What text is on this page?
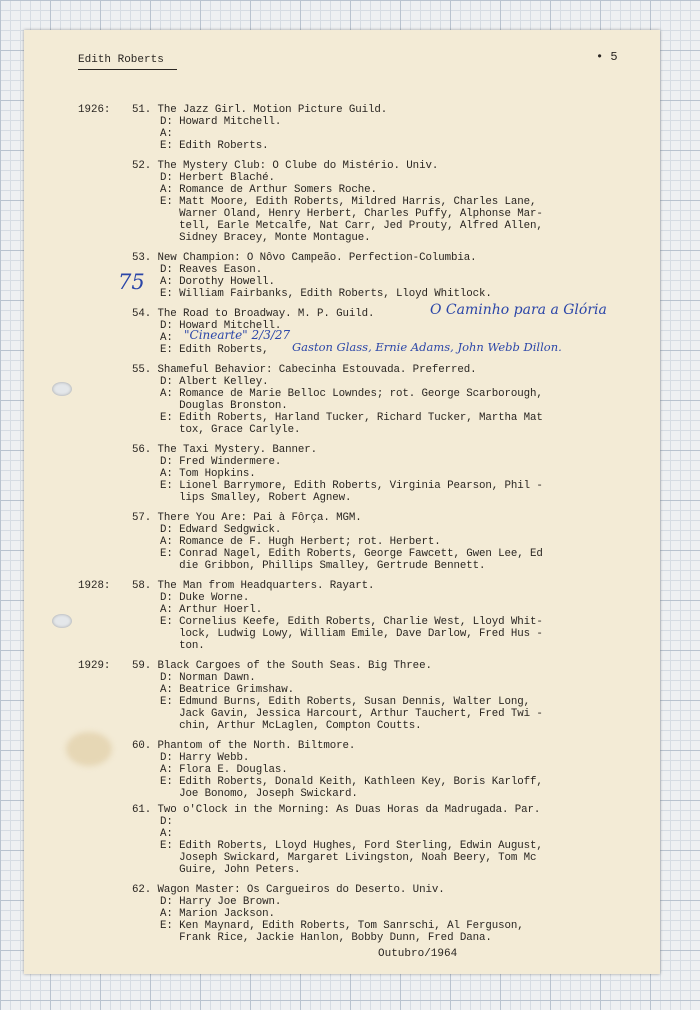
Edith Roberts	• 5
51. The Jazz Girl. Motion Picture Guild.
D: Howard Mitchell.
A:
E: Edith Roberts.
52. The Mystery Club: O Clube do Mistério. Univ.
D: Herbert Blaché.
A: Romance de Arthur Somers Roche.
E: Matt Moore, Edith Roberts, Mildred Harris, Charles Lane,
Warner Oland, Henry Herbert, Charles Puffy, Alphonse Mar-
tell, Earle Metcalfe, Nat Carr, Jed Prouty, Alfred Allen,
Sidney Bracey, Monte Montague.
53. New Champion: O Nôvo Campeão. Perfection-Columbia.
D: Reaves Eason.
A: Dorothy Howell.
E: William Fairbanks, Edith Roberts, Lloyd Whitlock.
54. The Road to Broadway. M. P. Guild.
D: Howard Mitchell.
A:
E: Edith Roberts,
55. Shameful Behavior: Cabecinha Estouvada. Preferred.
D: Albert Kelley.
A: Romance de Marie Belloc Lowndes; rot. George Scarborough,
Douglas Bronston.
E: Edith Roberts, Harland Tucker, Richard Tucker, Martha Mat
tox, Grace Carlyle.
56. The Taxi Mystery. Banner.
D: Fred Windermere.
A: Tom Hopkins.
E: Lionel Barrymore, Edith Roberts, Virginia Pearson, Phil -
lips Smalley, Robert Agnew.
57. There You Are: Pai à Fôrça. MGM.
D: Edward Sedgwick.
A: Romance de F. Hugh Herbert; rot. Herbert.
E: Conrad Nagel, Edith Roberts, George Fawcett, Gwen Lee, Ed
die Gribbon, Phillips Smalley, Gertrude Bennett.
58. The Man from Headquarters. Rayart.
D: Duke Worne.
A: Arthur Hoerl.
E: Cornelius Keefe, Edith Roberts, Charlie West, Lloyd Whit-
lock, Ludwig Lowy, William Emile, Dave Darlow, Fred Hus -
ton.
59. Black Cargoes of the South Seas. Big Three.
D: Norman Dawn.
A: Beatrice Grimshaw.
E: Edmund Burns, Edith Roberts, Susan Dennis, Walter Long,
Jack Gavin, Jessica Harcourt, Arthur Tauchert, Fred Twi -
chin, Arthur McLaglen, Compton Coutts.
60. Phantom of the North. Biltmore.
D: Harry Webb.
A: Flora E. Douglas.
E: Edith Roberts, Donald Keith, Kathleen Key, Boris Karloff,
Joe Bonomo, Joseph Swickard.
61. Two o'Clock in the Morning: As Duas Horas da Madrugada. Par.
D:
A:
E: Edith Roberts, Lloyd Hughes, Ford Sterling, Edwin August,
Joseph Swickard, Margaret Livingston, Noah Beery, Tom Mc
Guire, John Peters.
62. Wagon Master: Os Cargueiros do Deserto. Univ.
D: Harry Joe Brown.
A: Marion Jackson.
E: Ken Maynard, Edith Roberts, Tom Sanrschi, Al Ferguson,
Frank Rice, Jackie Hanlon, Bobby Dunn, Fred Dana.
1926:
1928:
1929:
75
O Caminho para a Glória
"Cinearte" 2/3/27
Gaston Glass, Ernie Adams, John Webb Dillon.
Outubro/1964
